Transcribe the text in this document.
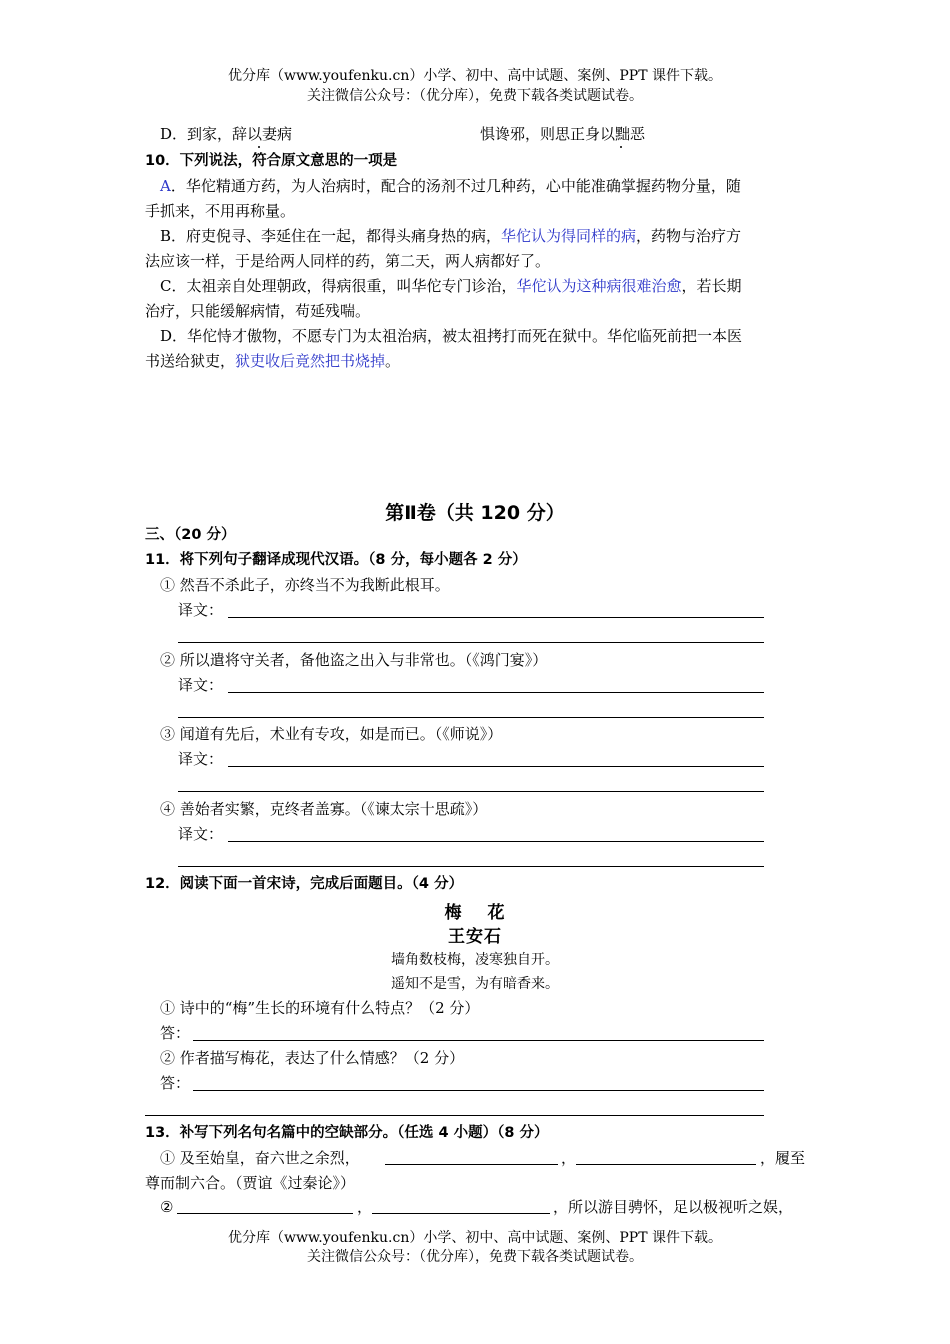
优分库（www.youfenku.cn）小学、初中、高中试题、案例、PPT 课件下载。
关注微信公众号：（优分库），免费下载各类试题试卷。
D．到家，辞以妻病	惧谗邪，则思正身以黜恶
10．下列说法，符合原文意思的一项是
A．华佗精通方药，为人治病时，配合的汤剂不过几种药，心中能准确掌握药物分量，随
手抓来，不用再称量。
B．府吏倪寻、李延住在一起，都得头痛身热的病，华佗认为得同样的病，药物与治疗方
法应该一样，于是给两人同样的药，第二天，两人病都好了。
C．太祖亲自处理朝政，得病很重，叫华佗专门诊治，华佗认为这种病很难治愈，若长期
治疗，只能缓解病情，苟延残喘。
D．华佗恃才傲物，不愿专门为太祖治病，被太祖拷打而死在狱中。华佗临死前把一本医
书送给狱吏，狱吏收后竟然把书烧掉。
第Ⅱ卷（共 120 分）
三、（20 分）
11．将下列句子翻译成现代汉语。（8 分，每小题各 2 分）
① 然吾不杀此子，亦终当不为我断此根耳。
译文：
② 所以遣将守关者，备他盗之出入与非常也。（《鸿门宴》）
译文：
③ 闻道有先后，术业有专攻，如是而已。（《师说》）
译文：
④ 善始者实繁，克终者盖寡。（《谏太宗十思疏》）
译文：
12．阅读下面一首宋诗，完成后面题目。（4 分）
梅　 花
王安石
墙角数枝梅，凌寒独自开。
遥知不是雪，为有暗香来。
① 诗中的“梅”生长的环境有什么特点？（2 分）
答：
② 作者描写梅花，表达了什么情感？（2 分）
答：
13．补写下列名句名篇中的空缺部分。（任选 4 小题）（8 分）
① 及至始皇，奋六世之余烈，	，	，履至
尊而制六合。（贾谊《过秦论》）
②	，	，所以游目骋怀，足以极视听之娱，
优分库（www.youfenku.cn）小学、初中、高中试题、案例、PPT 课件下载。
关注微信公众号：（优分库），免费下载各类试题试卷。
